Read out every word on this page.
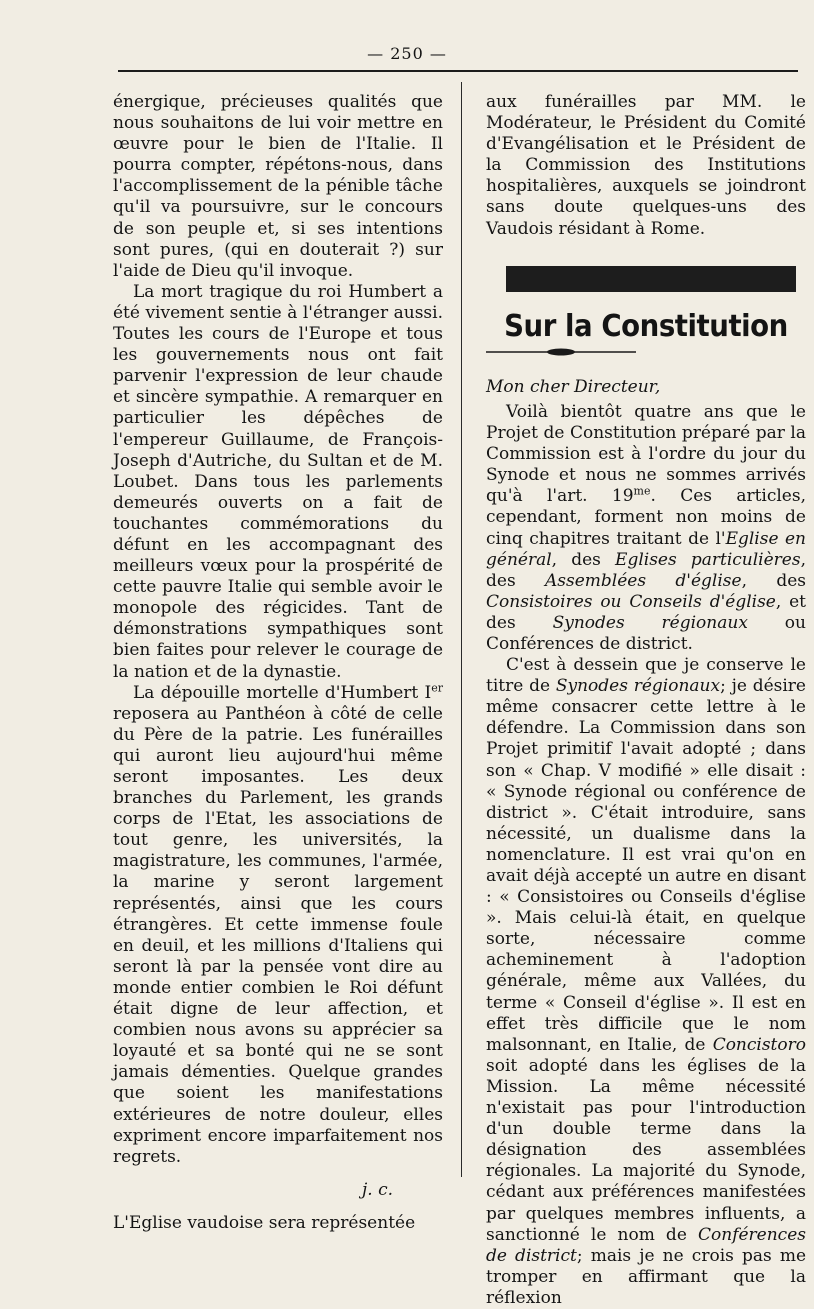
— 250 —

énergique, précieuses qualités que nous souhaitons de lui voir mettre en œuvre pour le bien de l'Italie. Il pourra compter, répétons-nous, dans l'accomplissement de la pénible tâche qu'il va poursuivre, sur le concours de son peuple et, si ses intentions sont pures, (qui en douterait ?) sur l'aide de Dieu qu'il invoque.

La mort tragique du roi Humbert a été vivement sentie à l'étranger aussi. Toutes les cours de l'Europe et tous les gouvernements nous ont fait parvenir l'expression de leur chaude et sincère sympathie. A remarquer en particulier les dépêches de l'empereur Guillaume, de François-Joseph d'Autriche, du Sultan et de M. Loubet. Dans tous les parlements demeurés ouverts on a fait de touchantes commémorations du défunt en les accompagnant des meilleurs vœux pour la prospérité de cette pauvre Italie qui semble avoir le monopole des régicides. Tant de démonstrations sympathiques sont bien faites pour relever le courage de la nation et de la dynastie.

La dépouille mortelle d'Humbert Ier reposera au Panthéon à côté de celle du Père de la patrie. Les funérailles qui auront lieu aujourd'hui même seront imposantes. Les deux branches du Parlement, les grands corps de l'Etat, les associations de tout genre, les universités, la magistrature, les communes, l'armée, la marine y seront largement représentés, ainsi que les cours étrangères. Et cette immense foule en deuil, et les millions d'Italiens qui seront là par la pensée vont dire au monde entier combien le Roi défunt était digne de leur affection, et combien nous avons su apprécier sa loyauté et sa bonté qui ne se sont jamais démenties. Quelque grandes que soient les manifestations extérieures de notre douleur, elles expriment encore imparfaitement nos regrets.

j. c.

L'Eglise vaudoise sera représentée

aux funérailles par MM. le Modérateur, le Président du Comité d'Evangélisation et le Président de la Commission des Institutions hospitalières, auxquels se joindront sans doute quelques-uns des Vaudois résidant à Rome.

Sur la Constitution

Mon cher Directeur,

Voilà bientôt quatre ans que le Projet de Constitution préparé par la Commission est à l'ordre du jour du Synode et nous ne sommes arrivés qu'à l'art. $19^{me}$. Ces articles, cependant, forment non moins de cinq chapitres traitant de l'Eglise en général, des Eglises particulières, des Assemblées d'église, des Consistoires ou Conseils d'église, et des Synodes régionaux ou Conférences de district.

C'est à dessein que je conserve le titre de Synodes régionaux; je désire même consacrer cette lettre à le défendre. La Commission dans son Projet primitif l'avait adopté ; dans son « Chap. V modifié » elle disait : « Synode régional ou conférence de district ». C'était introduire, sans nécessité, un dualisme dans la nomenclature. Il est vrai qu'on en avait déjà accepté un autre en disant : « Consistoires ou Conseils d'église ». Mais celui-là était, en quelque sorte, nécessaire comme acheminement à l'adoption générale, même aux Vallées, du terme « Conseil d'église ». Il est en effet très difficile que le nom malsonnant, en Italie, de Concistoro soit adopté dans les églises de la Mission. La même nécessité n'existait pas pour l'introduction d'un double terme dans la désignation des assemblées régionales. La majorité du Synode, cédant aux préférences manifestées par quelques membres influents, a sanctionné le nom de Conférences de district; mais je ne crois pas me tromper en affirmant que la réflexion
